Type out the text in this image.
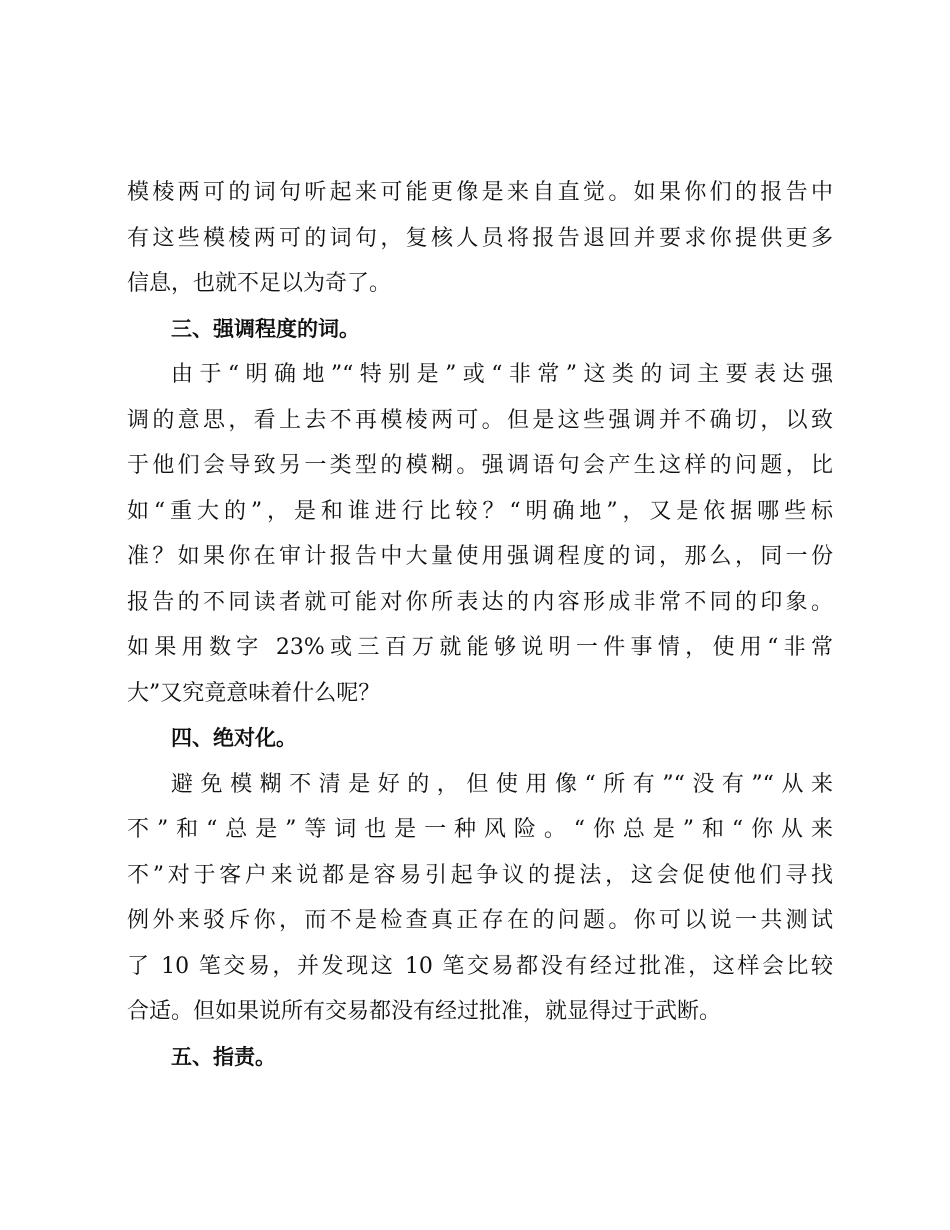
模棱两可的词句听起来可能更像是来自直觉。如果你们的报告中
有这些模棱两可的词句，复核人员将报告退回并要求你提供更多
信息，也就不足以为奇了。
三、强调程度的词。
由于“明确地”“特别是”或“非常”这类的词主要表达强
调的意思，看上去不再模棱两可。但是这些强调并不确切，以致
于他们会导致另一类型的模糊。强调语句会产生这样的问题，比
如“重大的”，是和谁进行比较？“明确地”，又是依据哪些标
准？如果你在审计报告中大量使用强调程度的词，那么，同一份
报告的不同读者就可能对你所表达的内容形成非常不同的印象。
如果用数字 23%或三百万就能够说明一件事情，使用“非常
大”又究竟意味着什么呢？
四、绝对化。
避免模糊不清是好的，但使用像“所有”“没有”“从来
不”和“总是”等词也是一种风险。“你总是”和“你从来
不”对于客户来说都是容易引起争议的提法，这会促使他们寻找
例外来驳斥你，而不是检查真正存在的问题。你可以说一共测试
了 10 笔交易，并发现这 10 笔交易都没有经过批准，这样会比较
合适。但如果说所有交易都没有经过批准，就显得过于武断。
五、指责。
